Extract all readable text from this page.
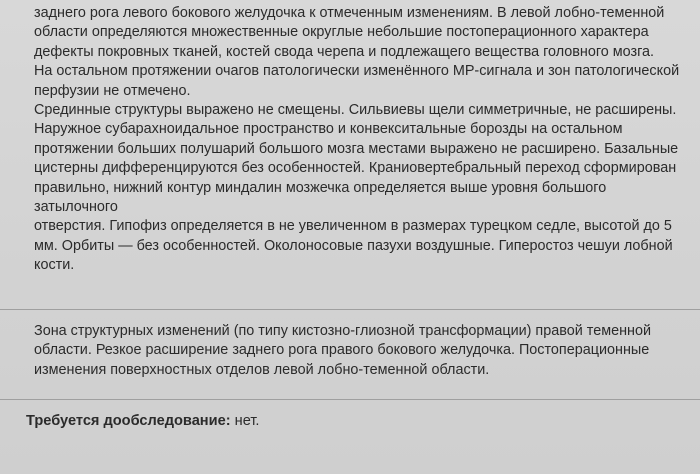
заднего рога левого бокового желудочка к отмеченным изменениям. В левой лобно-теменной

области определяются множественные округлые небольшие постоперационного характера

дефекты покровных тканей, костей свода черепа и подлежащего вещества головного мозга.

На остальном протяжении очагов патологически изменённого МР-сигнала и зон патологической

перфузии не отмечено.

Срединные структуры выражено не смещены. Сильвиевы щели симметричные, не расширены.

Наружное субарахноидальное пространство и конвекситальные борозды на остальном

протяжении больших полушарий большого мозга местами выражено не расширено. Базальные

цистерны дифференцируются без особенностей. Краниовертебральный переход сформирован

правильно, нижний контур миндалин мозжечка определяется выше уровня большого затылочного

отверстия. Гипофиз определяется в не увеличенном в размерах турецком седле, высотой до 5

мм. Орбиты — без особенностей. Околоносовые пазухи воздушные. Гиперостоз чешуи лобной

кости.

Зона структурных изменений (по типу кистозно-глиозной трансформации) правой теменной

области. Резкое расширение заднего рога правого бокового желудочка. Постоперационные

изменения поверхностных отделов левой лобно-теменной области.

Требуется дообследование: нет.
